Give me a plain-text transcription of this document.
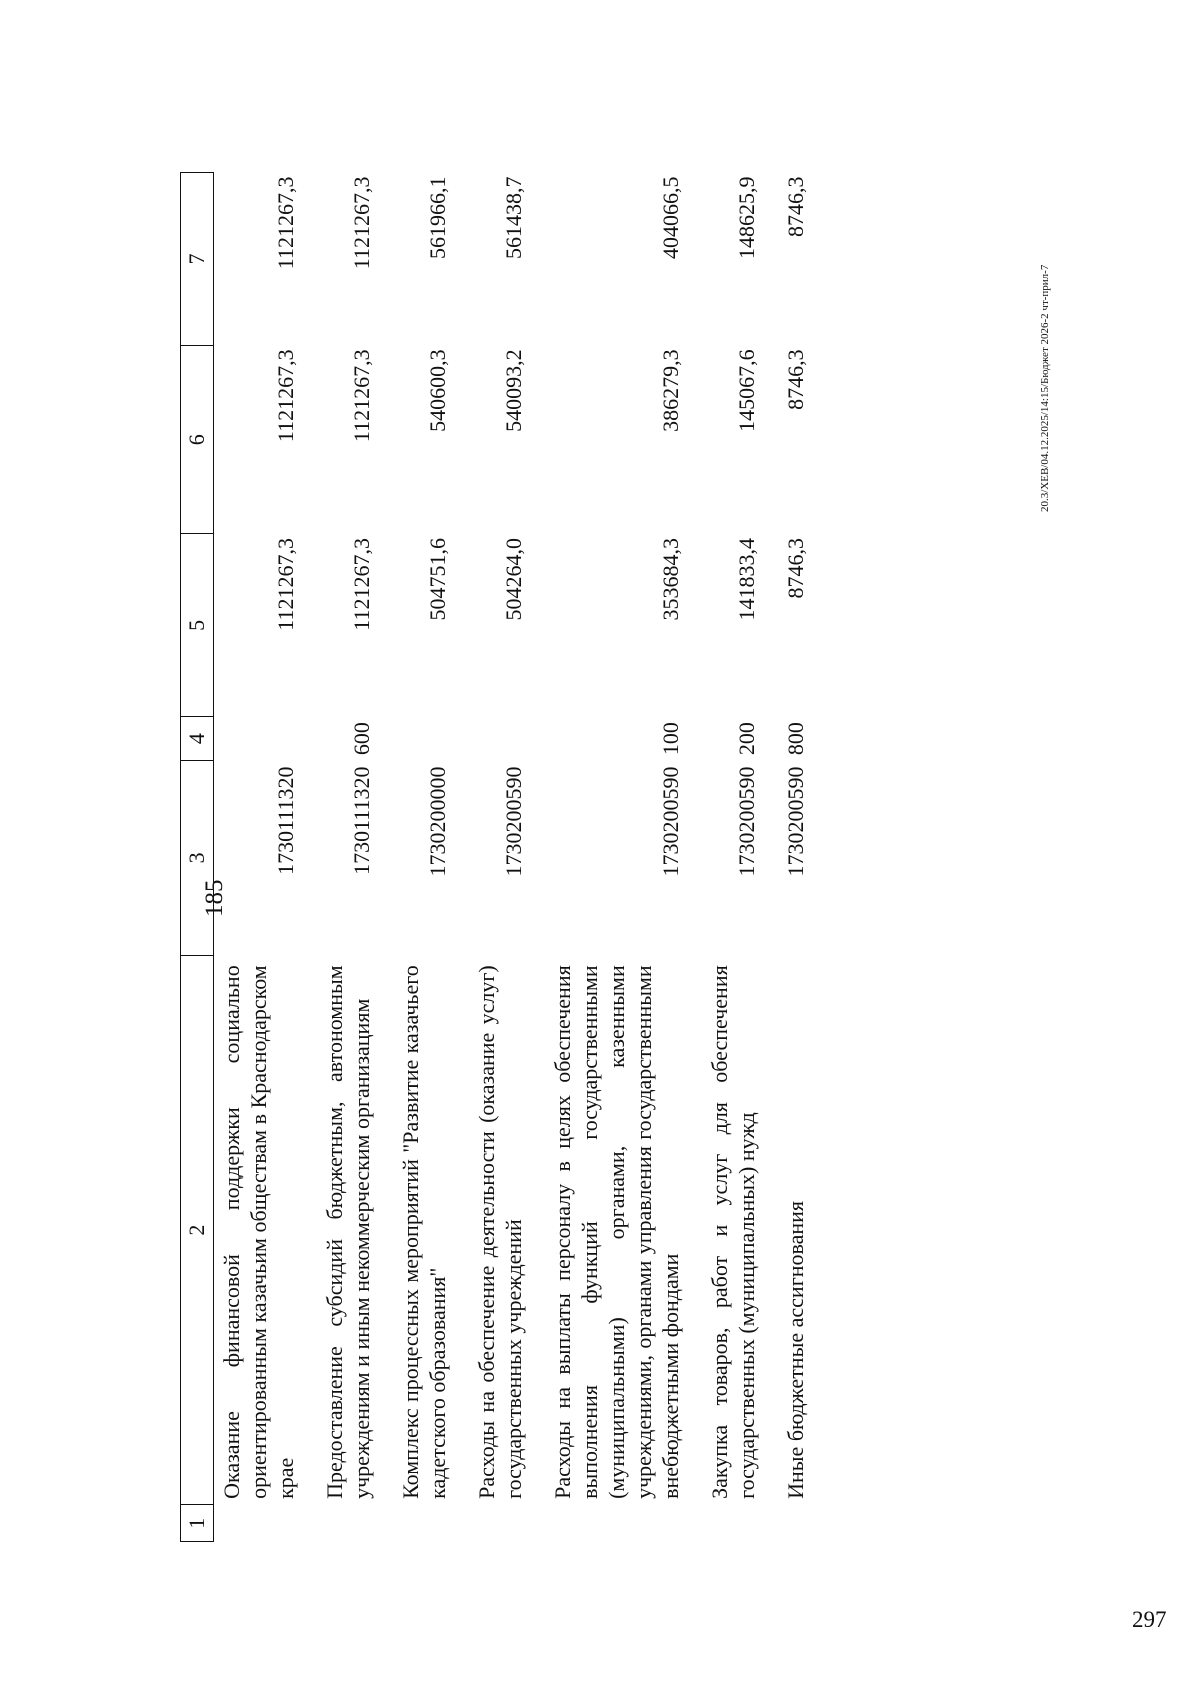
297
185
1	2	3	4	5	6	7
	Оказание финансовой поддержки социально ориентированным казачьим обществам в Краснодарском крае	1730111320		1121267,3	1121267,3	1121267,3
	Предоставление субсидий бюджетным, автономным учреждениям и иным некоммерческим организациям	1730111320	600	1121267,3	1121267,3	1121267,3
	Комплекс процессных мероприятий "Развитие казачьего кадетского образования"	1730200000		504751,6	540600,3	561966,1
	Расходы на обеспечение деятельности (оказание услуг) государственных учреждений	1730200590		504264,0	540093,2	561438,7
	Расходы на выплаты персоналу в целях обеспечения выполнения функций государственными (муниципальными) органами, казенными учреждениями, органами управления государственными внебюджетными фондами	1730200590	100	353684,3	386279,3	404066,5
	Закупка товаров, работ и услуг для обеспечения государственных (муниципальных) нужд	1730200590	200	141833,4	145067,6	148625,9
	Иные бюджетные ассигнования	1730200590	800	8746,3	8746,3	8746,3
20.3/ХЕВ/04.12.2025/14:15/Бюджет 2026-2 чт-прил-7
